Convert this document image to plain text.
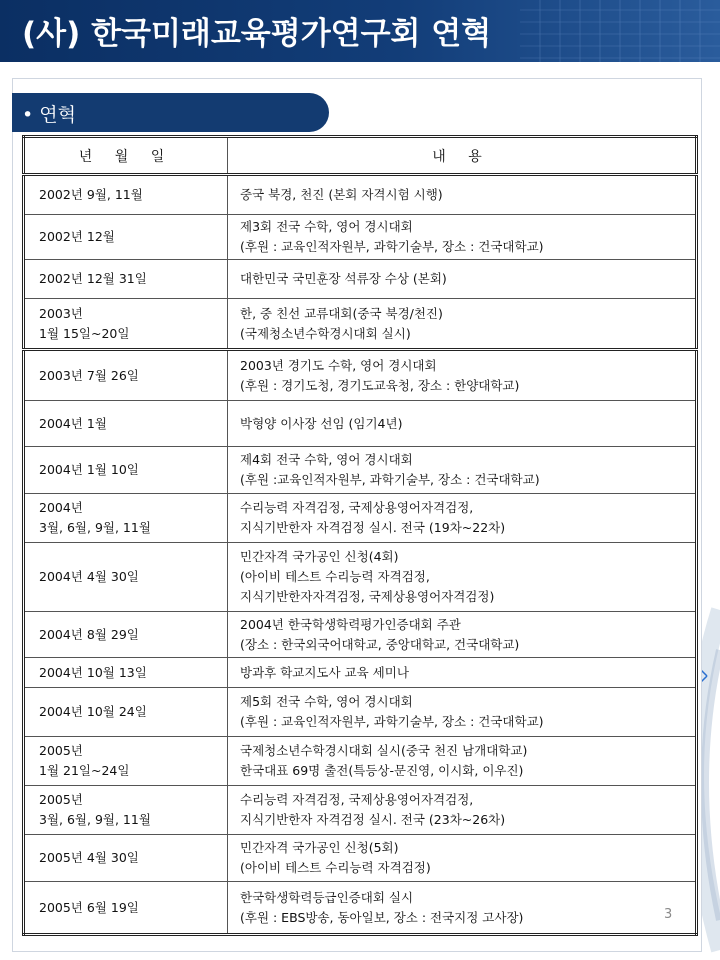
(사) 한국미래교육평가연구회 연혁
• 연혁
년 월 일	내 용

2002년 9월, 11월	중국 북경, 천진 (본회 자격시험 시행)

2002년 12월	제3회 전국 수학, 영어 경시대회
(후원 : 교육인적자원부, 과학기술부, 장소 : 건국대학교)

2002년 12월 31일	대한민국 국민훈장 석류장 수상 (본회)

2003년
1월 15일~20일	한, 중 친선 교류대회(중국 북경/천진)
(국제청소년수학경시대회 실시)

2003년 7월 26일	2003년 경기도 수학, 영어 경시대회
(후원 : 경기도청, 경기도교육청, 장소 : 한양대학교)

2004년 1월	박형양 이사장 선임 (임기4년)

2004년 1월 10일	제4회 전국 수학, 영어 경시대회
(후원 :교육인적자원부, 과학기술부, 장소 : 건국대학교)

2004년
3월, 6월, 9월, 11월	수리능력 자격검정, 국제상용영어자격검정,
지식기반한자 자격검정 실시. 전국 (19차~22차)

2004년 4월 30일	민간자격 국가공인 신청(4회)
(아이비 테스트 수리능력 자격검정,
지식기반한자자격검정, 국제상용영어자격검정)

2004년 8월 29일	2004년 한국학생학력평가인증대회 주관
(장소 : 한국외국어대학교, 중앙대학교, 건국대학교)

2004년 10월 13일	방과후 학교지도사 교육 세미나

2004년 10월 24일	제5회 전국 수학, 영어 경시대회
(후원 : 교육인적자원부, 과학기술부, 장소 : 건국대학교)

2005년
1월 21일~24일	국제청소년수학경시대회 실시(중국 천진 남개대학교)
한국대표 69명 출전(특등상-문진영, 이시화, 이우진)

2005년
3월, 6월, 9월, 11월	수리능력 자격검정, 국제상용영어자격검정,
지식기반한자 자격검정 실시. 전국 (23차~26차)

2005년 4월 30일	민간자격 국가공인 신청(5회)
(아이비 테스트 수리능력 자격검정)

2005년 6월 19일	한국학생학력등급인증대회 실시
(후원 : EBS방송, 동아일보, 장소 : 전국지정 고사장)	3
